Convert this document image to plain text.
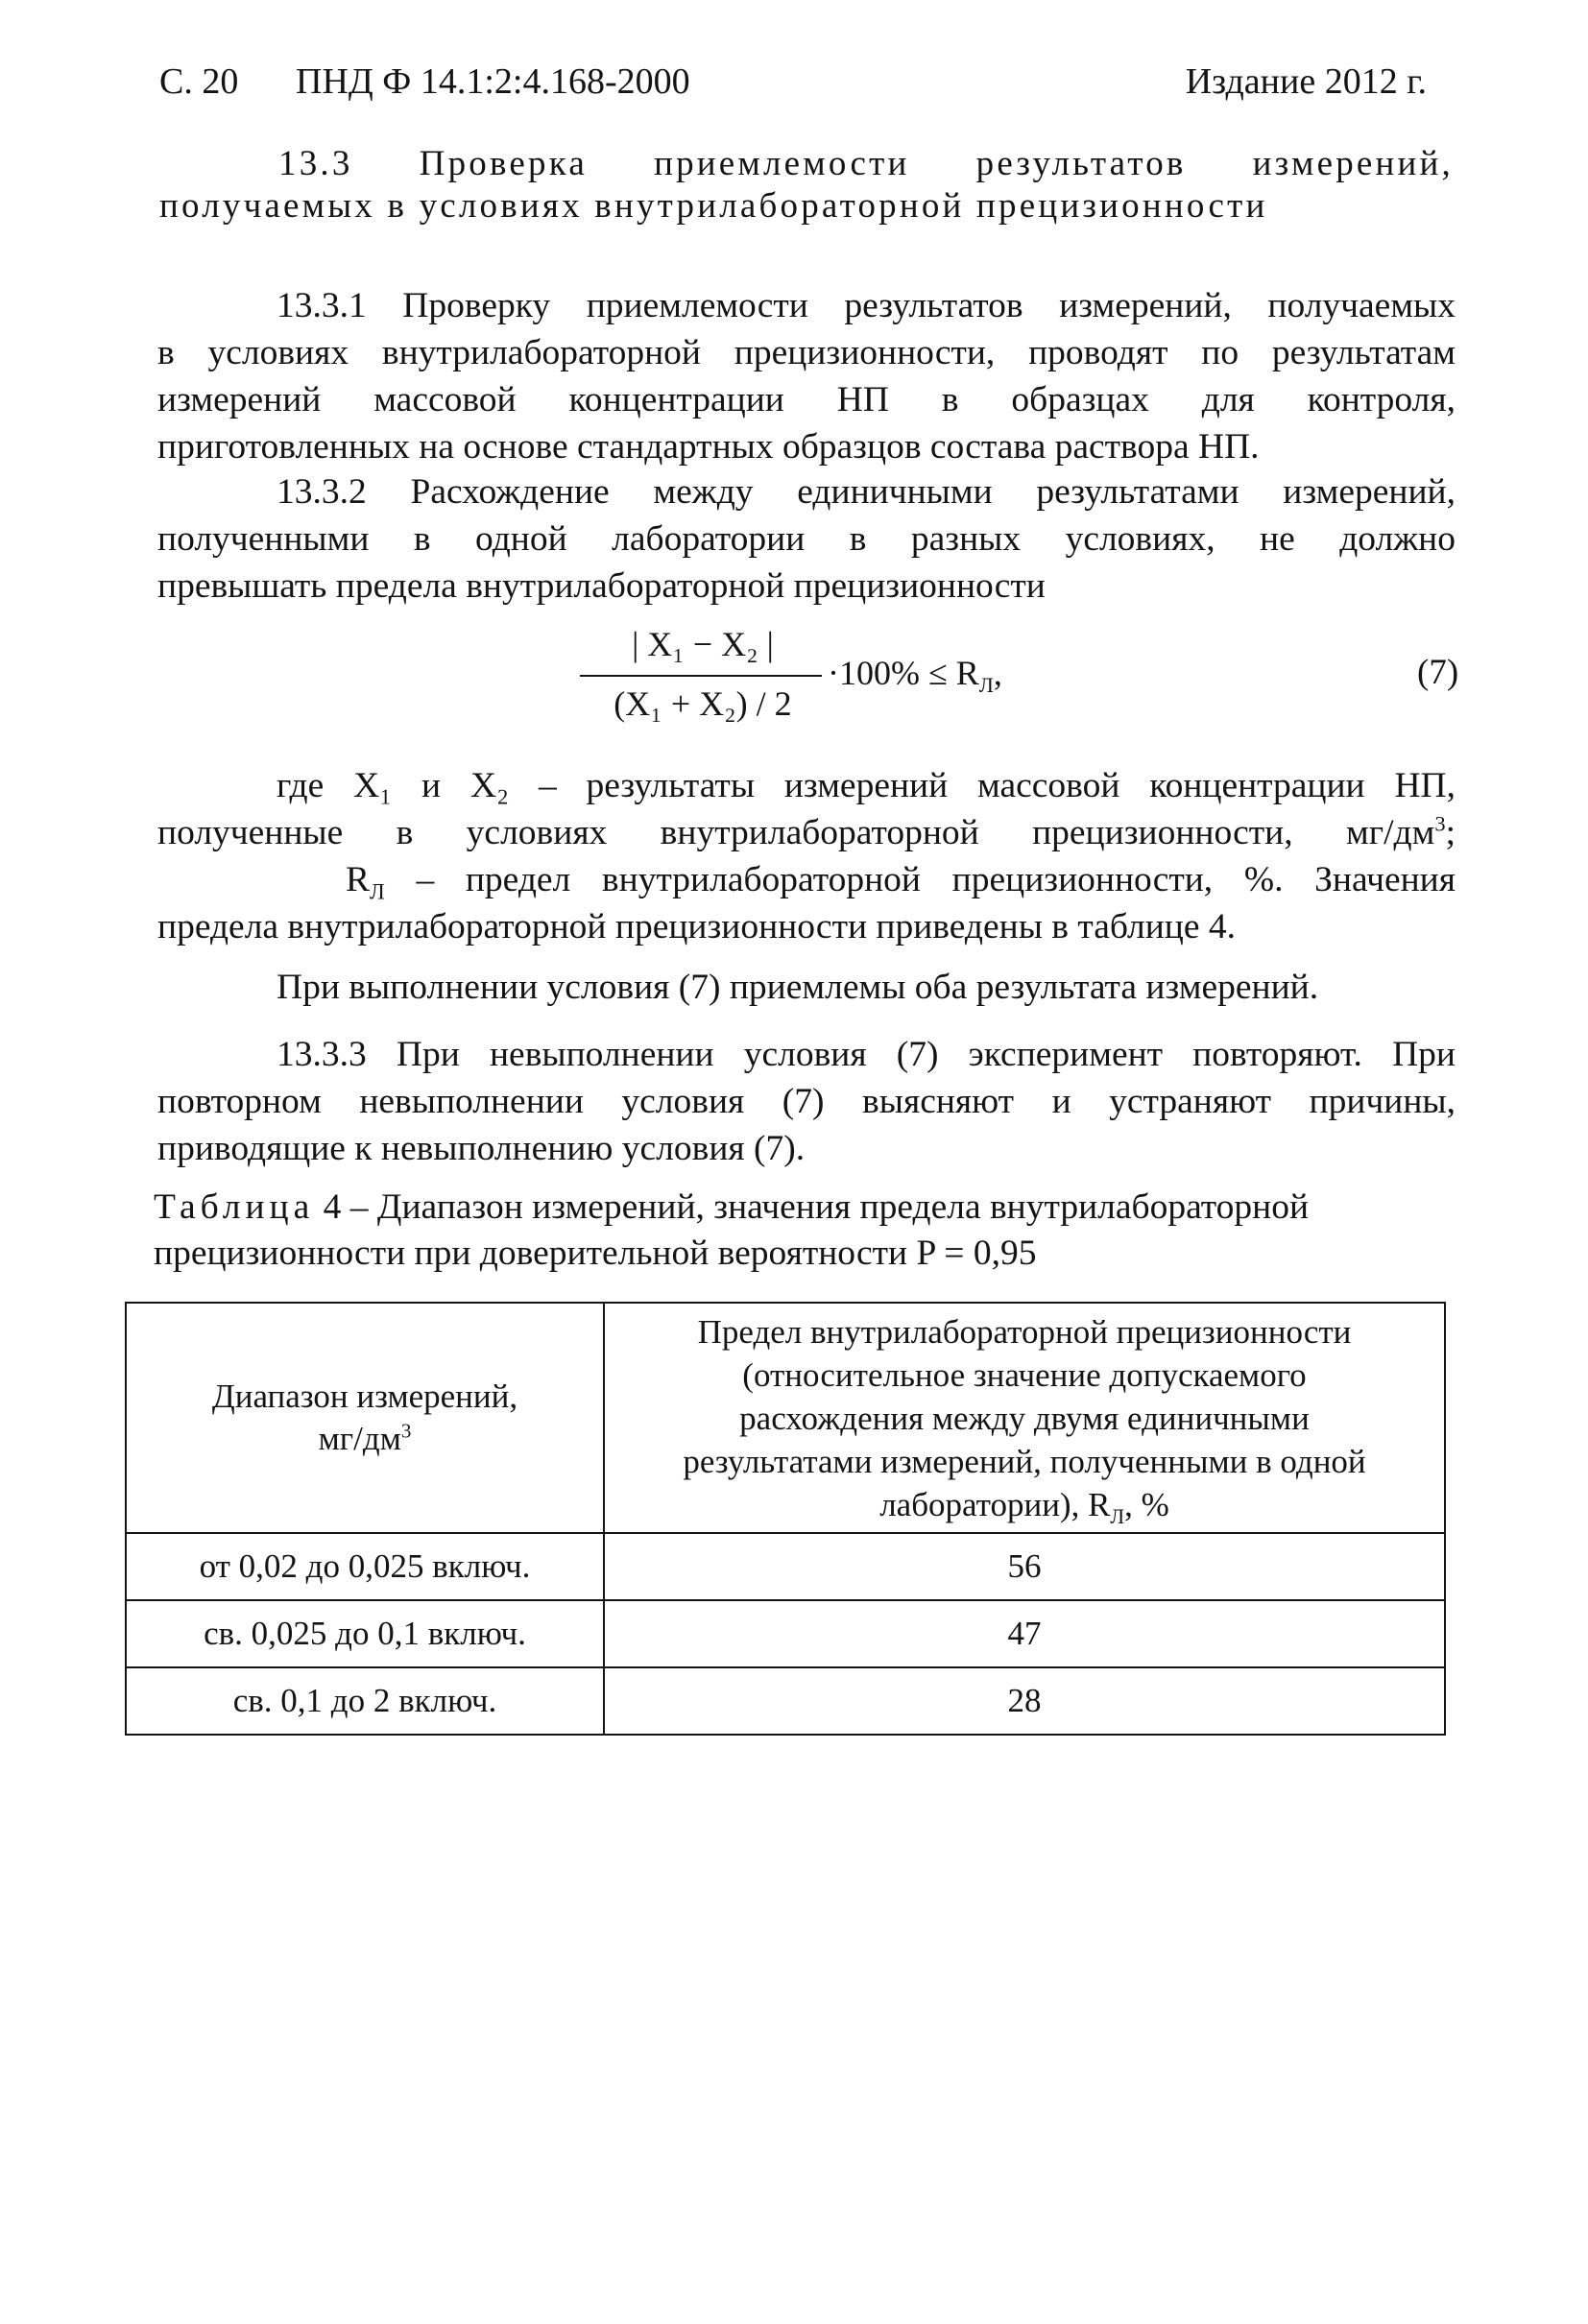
С. 20 ПНД Ф 14.1:2:4.168-2000	Издание 2012 г.
13.3 Проверка приемлемости результатов измерений,
получаемых в условиях внутрилабораторной прецизионности
13.3.1 Проверку приемлемости результатов измерений, получаемых
в условиях внутрилабораторной прецизионности, проводят по результатам
измерений массовой концентрации НП в образцах для контроля,
приготовленных на основе стандартных образцов состава раствора НП.
13.3.2 Расхождение между единичными результатами измерений,
полученными в одной лаборатории в разных условиях, не должно
превышать предела внутрилабораторной прецизионности
| X₁ − X₂ |
(X₁ + X₂) / 2
$\cdot 100\% \le R_Л$,	(7)
где X₁ и X₂ – результаты измерений массовой концентрации НП,
полученные в условиях внутрилабораторной прецизионности, $мг/дм^3$;
$R_Л$ – предел внутрилабораторной прецизионности, %. Значения
предела внутрилабораторной прецизионности приведены в таблице 4.
При выполнении условия (7) приемлемы оба результата измерений.
13.3.3 При невыполнении условия (7) эксперимент повторяют. При
повторном невыполнении условия (7) выясняют и устраняют причины,
приводящие к невыполнению условия (7).
Таблица 4 – Диапазон измерений, значения предела внутрилабораторной
прецизионности при доверительной вероятности P = 0,95
Диапазон измерений,
$мг/дм^3$	Предел внутрилабораторной прецизионности
(относительное значение допускаемого
расхождения между двумя единичными
результатами измерений, полученными в одной
лаборатории), $R_Л$, %
от 0,02 до 0,025 включ.	56
св. 0,025 до 0,1 включ.	47
св. 0,1 до 2 включ.	28
